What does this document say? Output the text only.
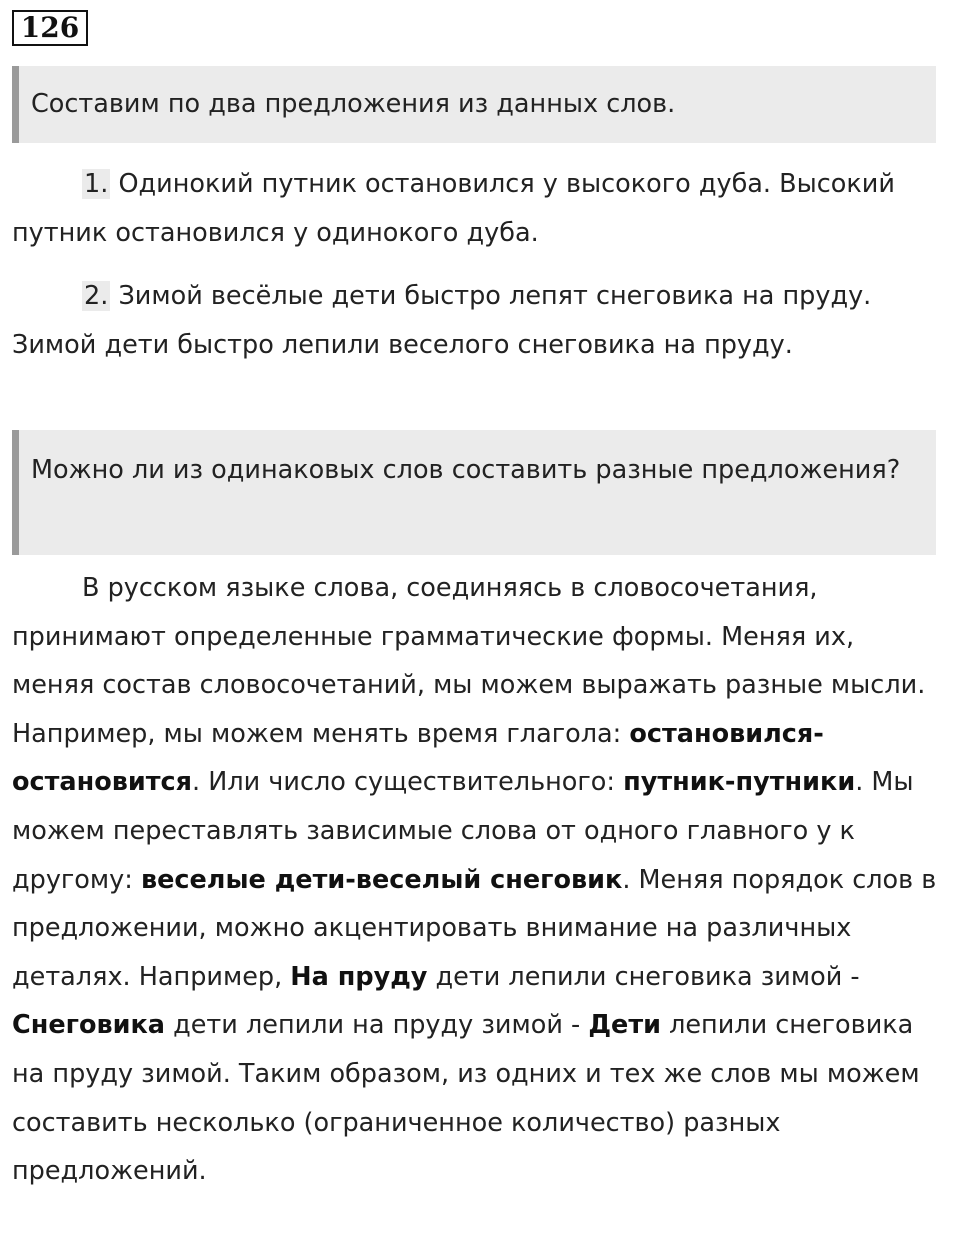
126
Составим по два предложения из данных слов.

1. Одинокий путник остановился у высокого дуба. Высокий путник остановился у одинокого дуба.

2. Зимой весёлые дети быстро лепят снеговика на пруду. Зимой дети быстро лепили веселого снеговика на пруду.

Можно ли из одинаковых слов составить разные предложения?

В русском языке слова, соединяясь в словосочетания, принимают определенные грамматические формы. Меняя их, меняя состав словосочетаний, мы можем выражать разные мысли. Например, мы можем менять время глагола: остановился-остановится. Или число существительного: путник-путники. Мы можем переставлять зависимые слова от одного главного у к другому: веселые дети-веселый снеговик. Меняя порядок слов в предложении, можно акцентировать внимание на различных деталях. Например, На пруду дети лепили снеговика зимой - Снеговика дети лепили на пруду зимой - Дети лепили снеговика на пруду зимой. Таким образом, из одних и тех же слов мы можем составить несколько (ограниченное количество) разных предложений.
